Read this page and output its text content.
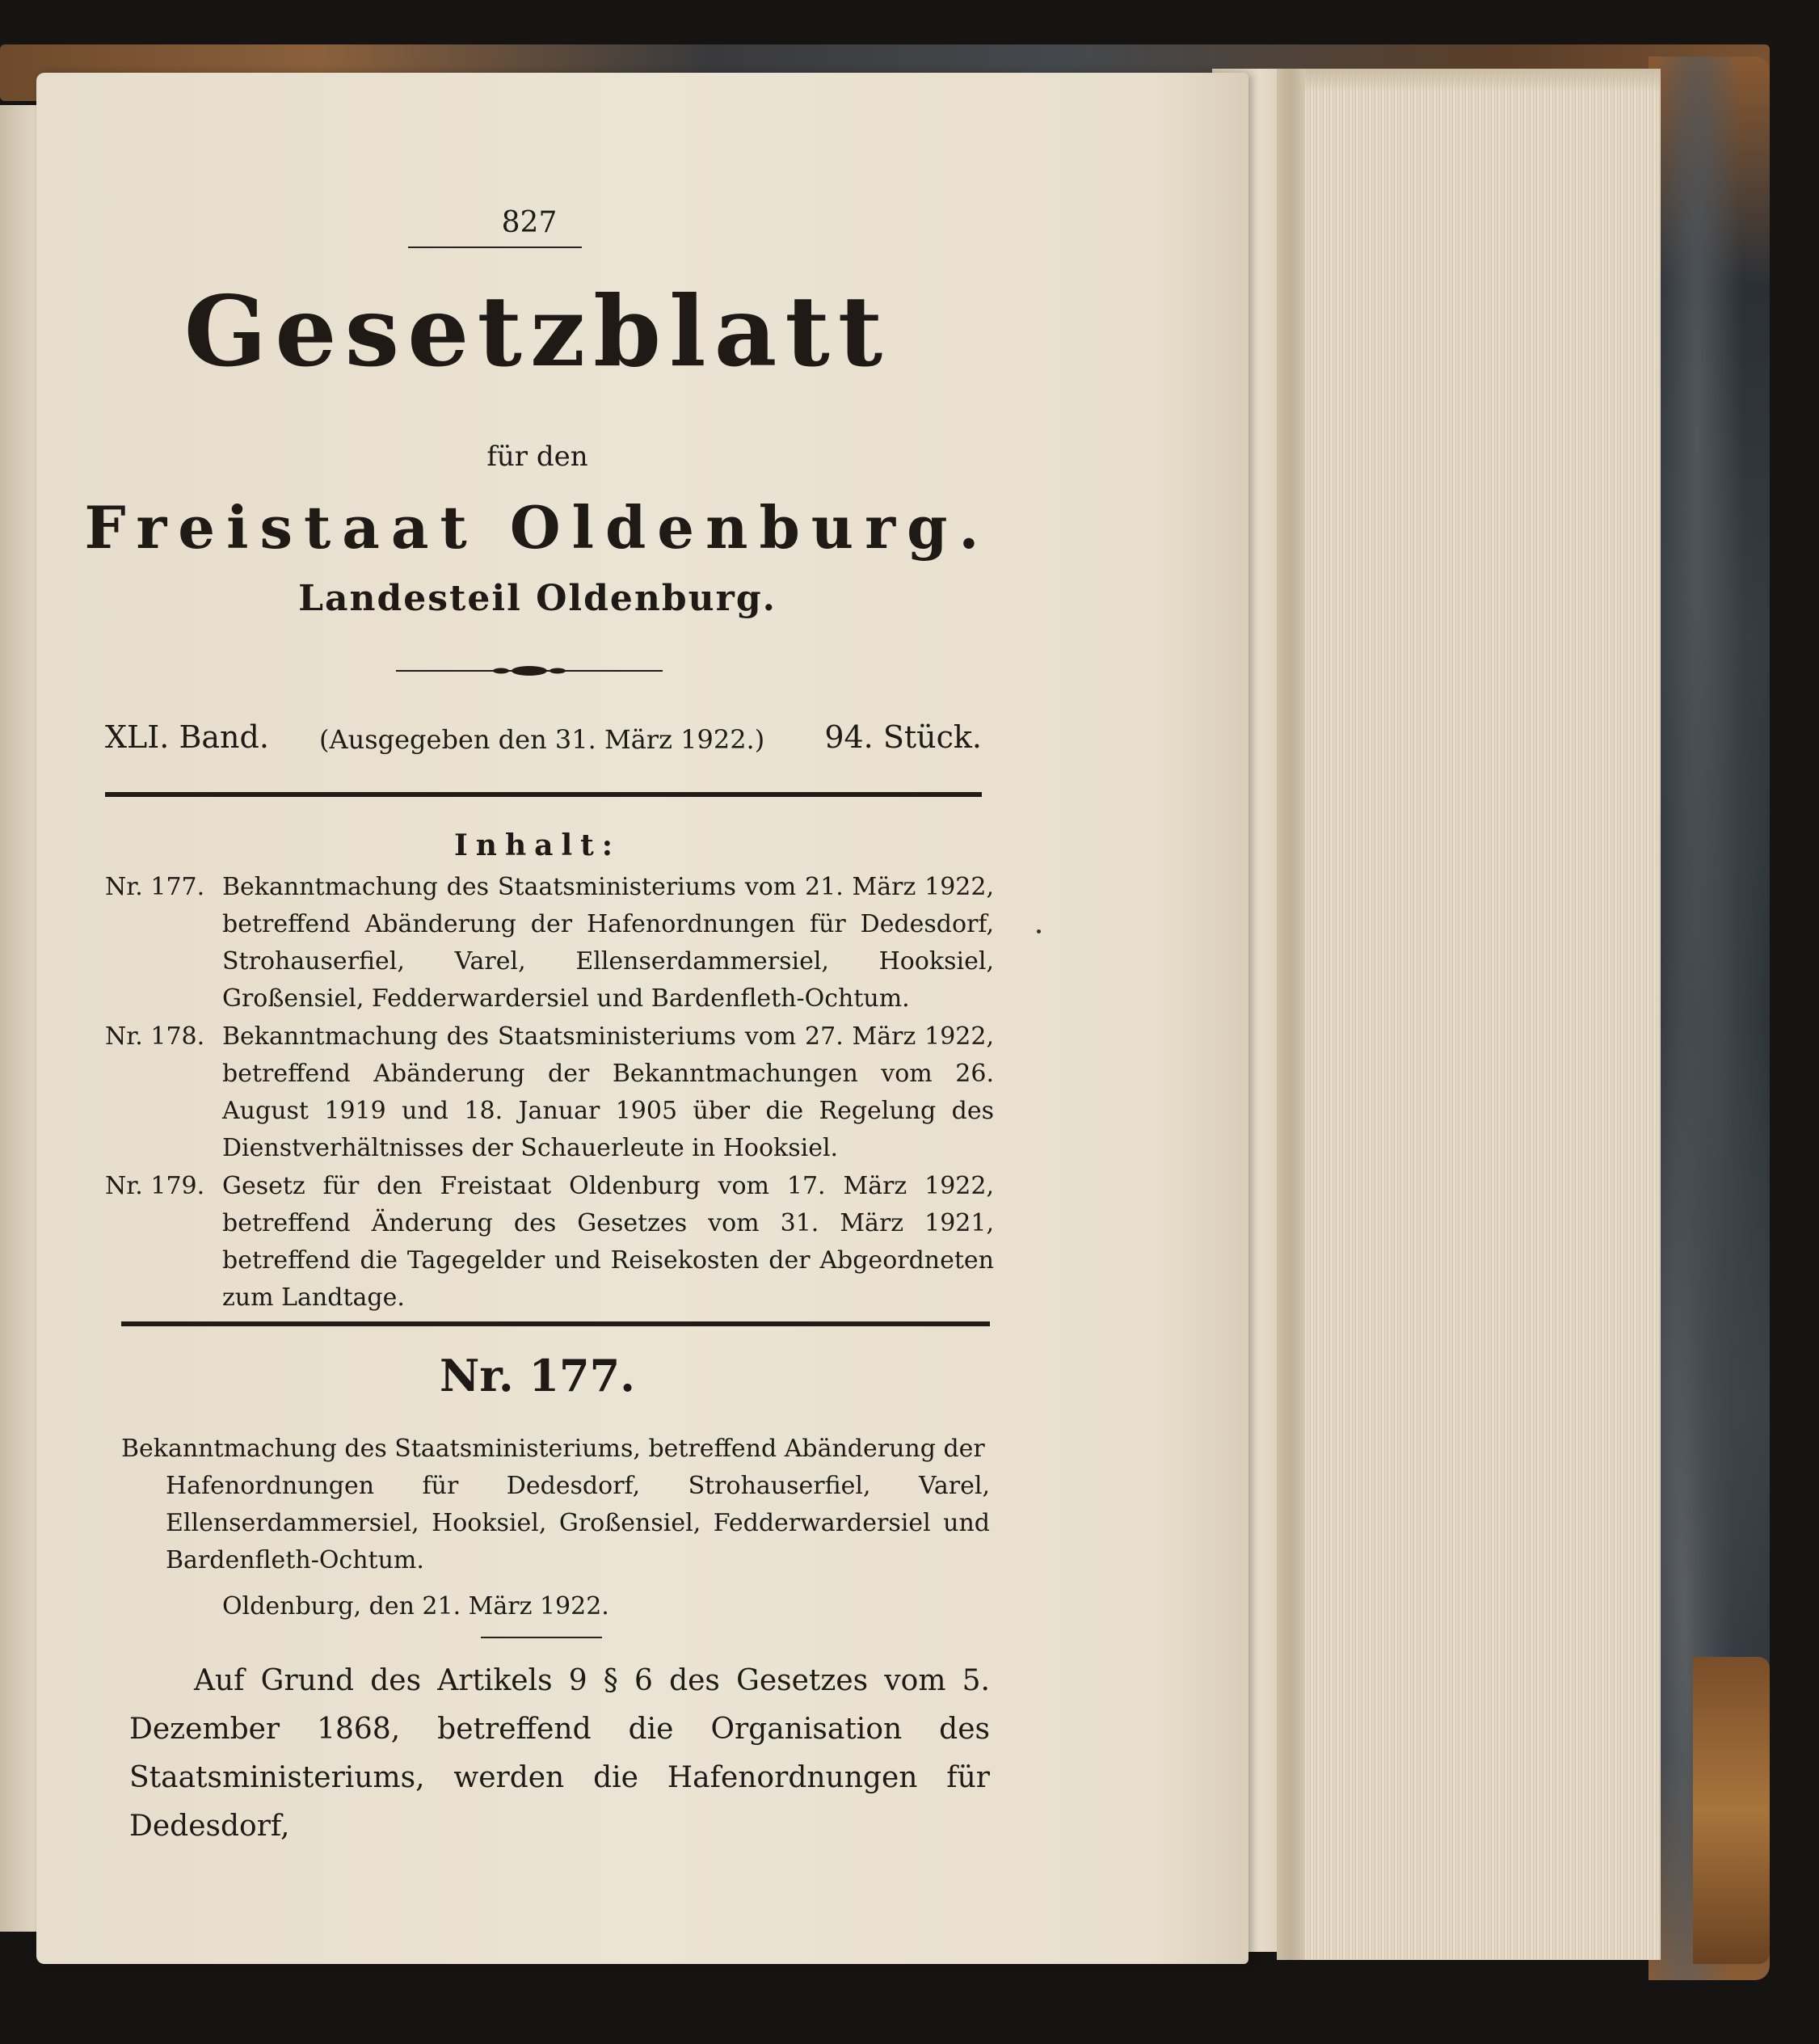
827
Gesetzblatt
für den
Freistaat Oldenburg.
Landesteil Oldenburg.
XLI. Band. (Ausgegeben den 31. März 1922.) 94. Stück.
Inhalt:
Nr. 177. Bekanntmachung des Staatsministeriums vom 21. März 1922, betreffend Abänderung der Hafenordnungen für Dedesdorf, Strohauserfiel, Varel, Ellenserdammersiel, Hooksiel, Großensiel, Fedderwardersiel und Bardenfleth-Ochtum.
Nr. 178. Bekanntmachung des Staatsministeriums vom 27. März 1922, betreffend Abänderung der Bekanntmachungen vom 26. August 1919 und 18. Januar 1905 über die Regelung des Dienstverhältnisses der Schauerleute in Hooksiel.
Nr. 179. Gesetz für den Freistaat Oldenburg vom 17. März 1922, betreffend Änderung des Gesetzes vom 31. März 1921, betreffend die Tagegelder und Reisekosten der Abgeordneten zum Landtage.
Nr. 177.
Bekanntmachung des Staatsministeriums, betreffend Abänderung der
Hafenordnungen für Dedesdorf, Strohauserfiel, Varel, Ellenserdammersiel, Hooksiel, Großensiel, Fedderwardersiel und Bardenfleth-Ochtum.
Oldenburg, den 21. März 1922.
Auf Grund des Artikels 9 § 6 des Gesetzes vom 5. Dezember 1868, betreffend die Organisation des Staatsministeriums, werden die Hafenordnungen für Dedesdorf,
